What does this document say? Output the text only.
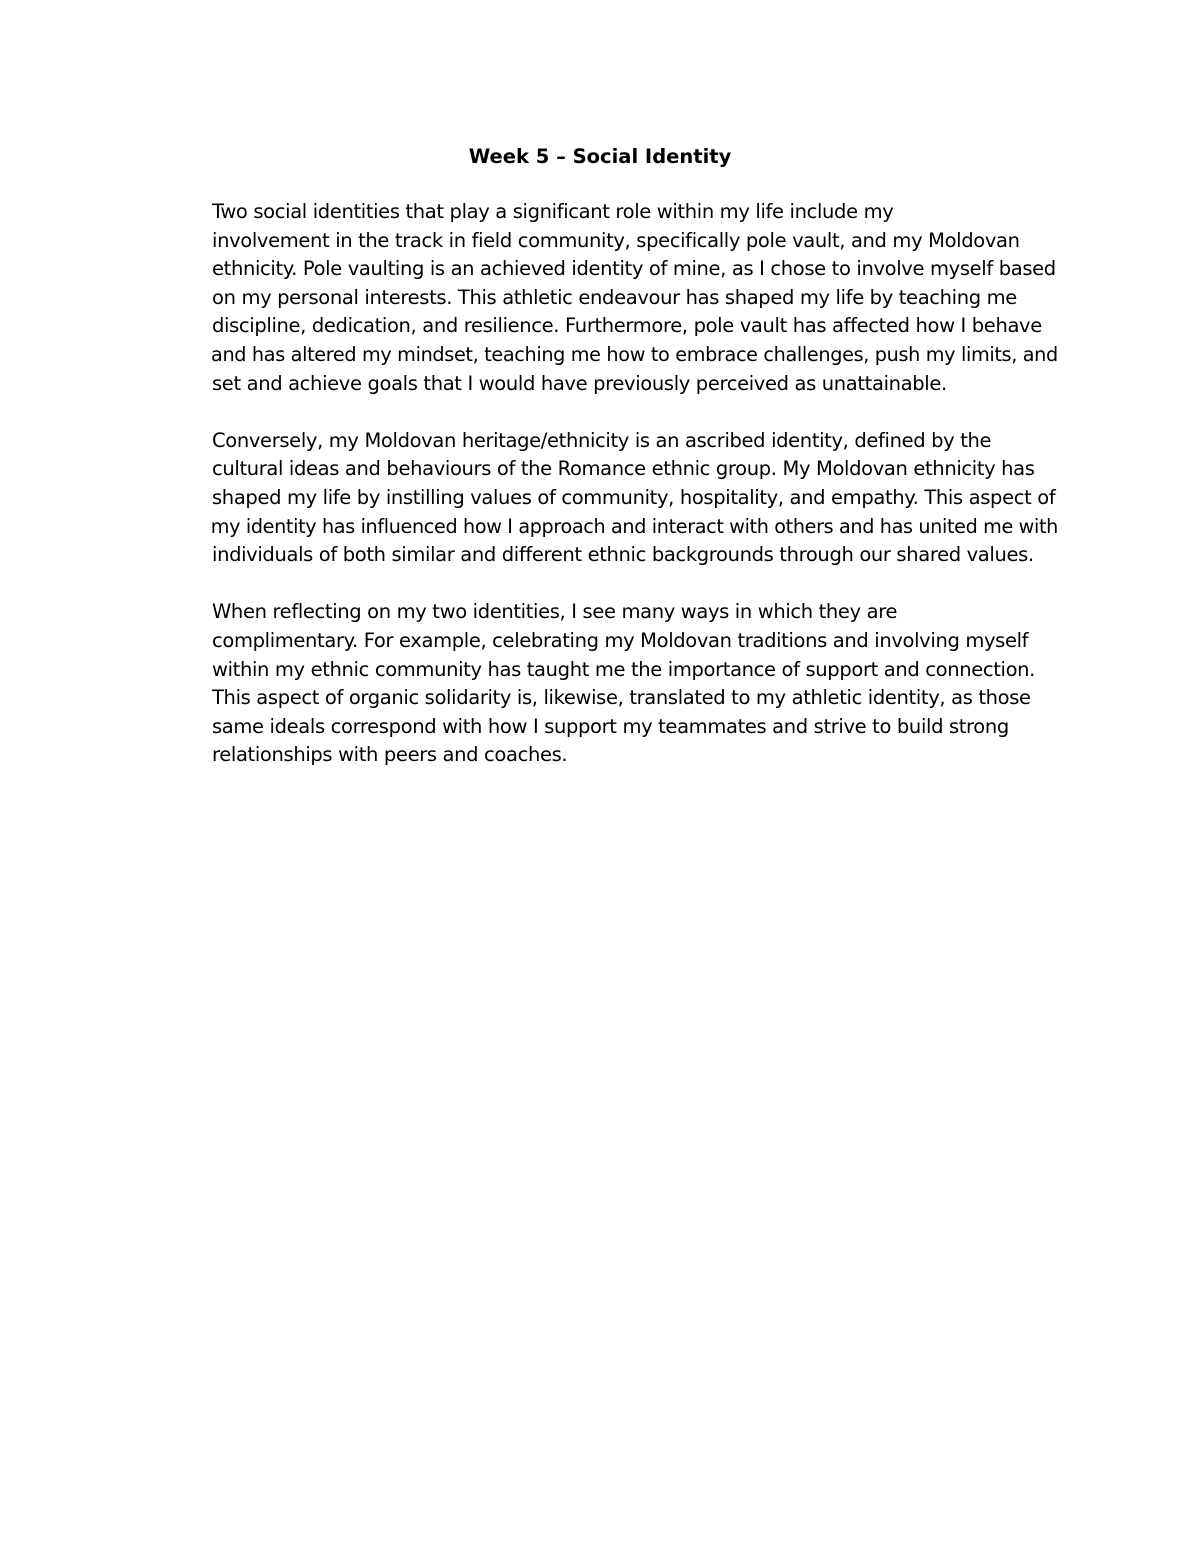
Week 5 – Social Identity

Two social identities that play a significant role within my life include my
involvement in the track in field community, specifically pole vault, and my Moldovan
ethnicity. Pole vaulting is an achieved identity of mine, as I chose to involve myself based
on my personal interests. This athletic endeavour has shaped my life by teaching me
discipline, dedication, and resilience. Furthermore, pole vault has affected how I behave
and has altered my mindset, teaching me how to embrace challenges, push my limits, and
set and achieve goals that I would have previously perceived as unattainable.

Conversely, my Moldovan heritage/ethnicity is an ascribed identity, defined by the
cultural ideas and behaviours of the Romance ethnic group. My Moldovan ethnicity has
shaped my life by instilling values of community, hospitality, and empathy. This aspect of
my identity has influenced how I approach and interact with others and has united me with
individuals of both similar and different ethnic backgrounds through our shared values.

When reflecting on my two identities, I see many ways in which they are
complimentary. For example, celebrating my Moldovan traditions and involving myself
within my ethnic community has taught me the importance of support and connection.
This aspect of organic solidarity is, likewise, translated to my athletic identity, as those
same ideals correspond with how I support my teammates and strive to build strong
relationships with peers and coaches.
